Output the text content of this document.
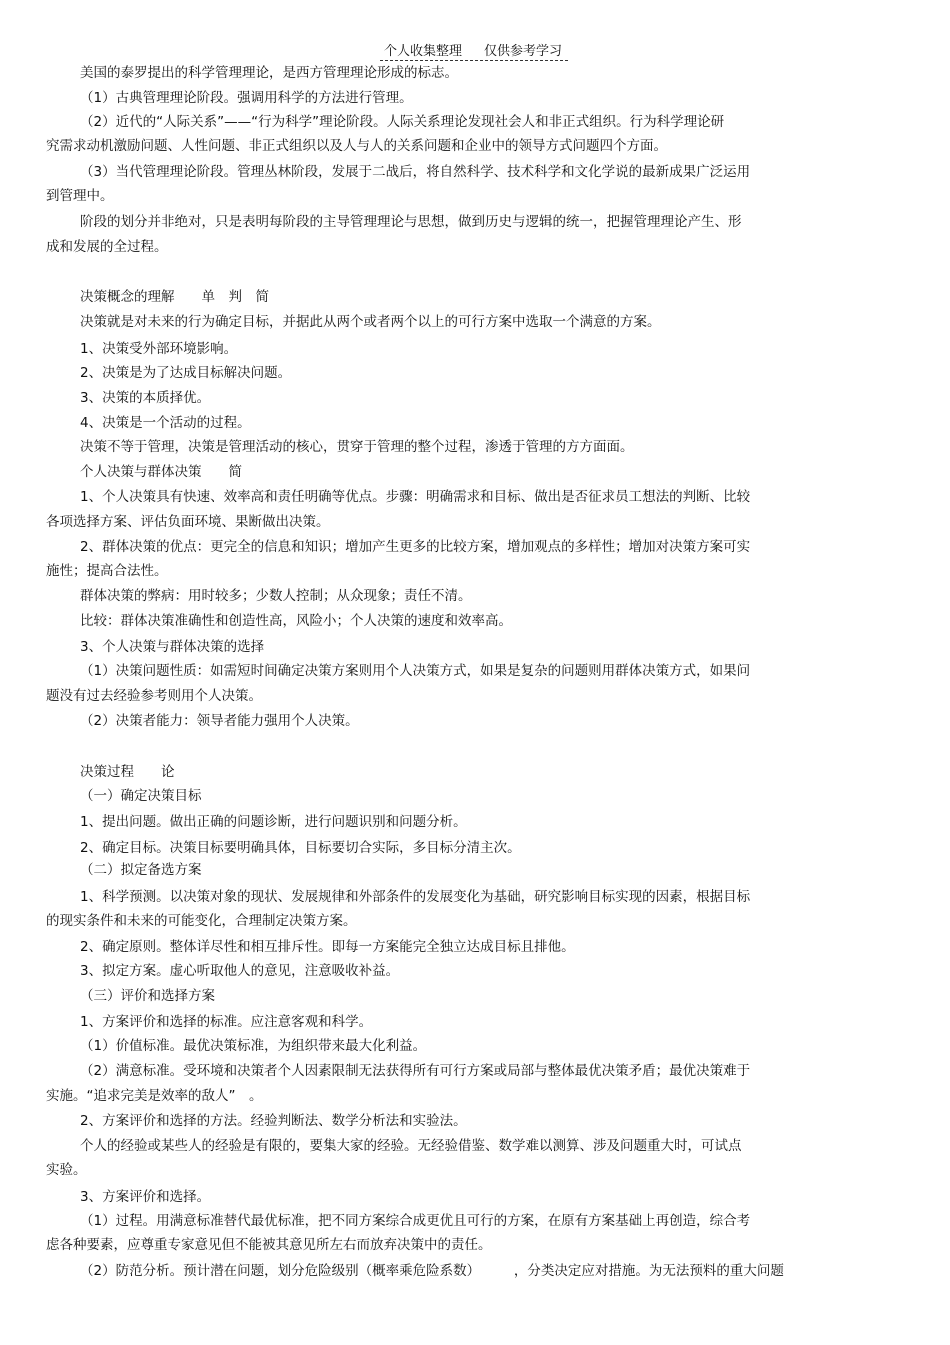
个人收集整理 仅供参考学习
美国的泰罗提出的科学管理理论，是西方管理理论形成的标志。
（1）古典管理理论阶段。强调用科学的方法进行管理。
（2）近代的“人际关系”——“行为科学”理论阶段。人际关系理论发现社会人和非正式组织。行为科学理论研
究需求动机激励问题、人性问题、非正式组织以及人与人的关系问题和企业中的领导方式问题四个方面。
（3）当代管理理论阶段。管理丛林阶段，发展于二战后，将自然科学、技术科学和文化学说的最新成果广泛运用
到管理中。
阶段的划分并非绝对，只是表明每阶段的主导管理理论与思想，做到历史与逻辑的统一，把握管理理论产生、形
成和发展的全过程。
决策概念的理解　　单　判　简
决策就是对未来的行为确定目标，并据此从两个或者两个以上的可行方案中选取一个满意的方案。
1、决策受外部环境影响。
2、决策是为了达成目标解决问题。
3、决策的本质择优。
4、决策是一个活动的过程。
决策不等于管理，决策是管理活动的核心，贯穿于管理的整个过程，渗透于管理的方方面面。
个人决策与群体决策　　简
1、个人决策具有快速、效率高和责任明确等优点。步骤：明确需求和目标、做出是否征求员工想法的判断、比较
各项选择方案、评估负面环境、果断做出决策。
2、群体决策的优点：更完全的信息和知识；增加产生更多的比较方案，增加观点的多样性；增加对决策方案可实
施性；提高合法性。
群体决策的弊病：用时较多；少数人控制；从众现象；责任不清。
比较：群体决策准确性和创造性高，风险小；个人决策的速度和效率高。
3、个人决策与群体决策的选择
（1）决策问题性质：如需短时间确定决策方案则用个人决策方式，如果是复杂的问题则用群体决策方式，如果问
题没有过去经验参考则用个人决策。
（2）决策者能力：领导者能力强用个人决策。
决策过程　　论
（一）确定决策目标
1、提出问题。做出正确的问题诊断，进行问题识别和问题分析。
2、确定目标。决策目标要明确具体，目标要切合实际，多目标分清主次。
（二）拟定备选方案
1、科学预测。以决策对象的现状、发展规律和外部条件的发展变化为基础，研究影响目标实现的因素，根据目标
的现实条件和未来的可能变化，合理制定决策方案。
2、确定原则。整体详尽性和相互排斥性。即每一方案能完全独立达成目标且排他。
3、拟定方案。虚心听取他人的意见，注意吸收补益。
（三）评价和选择方案
1、方案评价和选择的标准。应注意客观和科学。
（1）价值标准。最优决策标准，为组织带来最大化利益。
（2）满意标准。受环境和决策者个人因素限制无法获得所有可行方案或局部与整体最优决策矛盾；最优决策难于
实施。“追求完美是效率的敌人”　。
2、方案评价和选择的方法。经验判断法、数学分析法和实验法。
个人的经验或某些人的经验是有限的，要集大家的经验。无经验借鉴、数学难以测算、涉及问题重大时，可试点
实验。
3、方案评价和选择。
（1）过程。用满意标准替代最优标准，把不同方案综合成更优且可行的方案，在原有方案基础上再创造，综合考
虑各种要素，应尊重专家意见但不能被其意见所左右而放弃决策中的责任。
（2）防范分析。预计潜在问题，划分危险级别（概率乘危险系数）　　　，分类决定应对措施。为无法预料的重大问题
